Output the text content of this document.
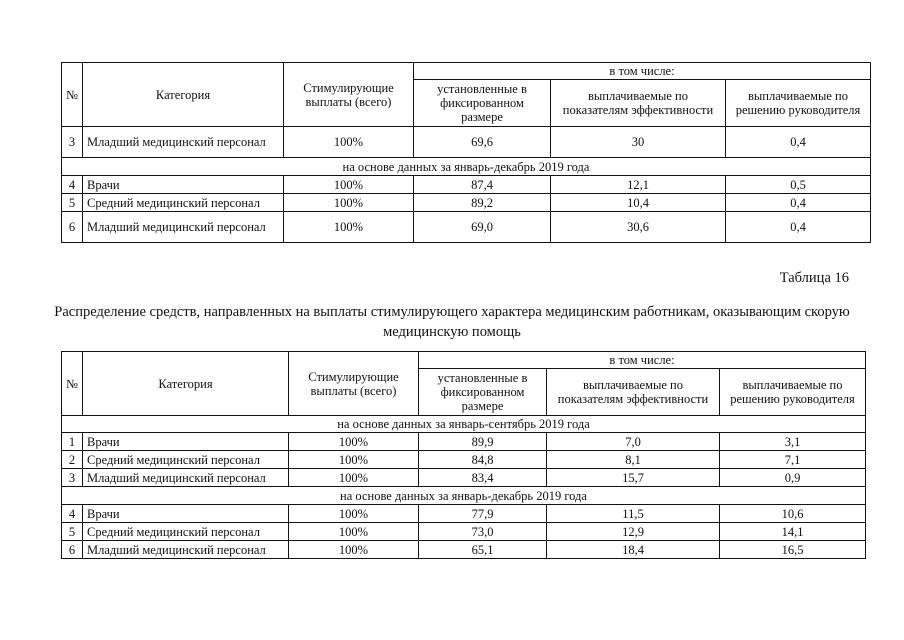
№	Категория	Стимулирующие выплаты (всего)	в том числе:		
			установленные в фиксированном размере	выплачиваемые по показателям эффективности	выплачиваемые по решению руководителя
3	Младший медицинский персонал	100%	69,6	30	0,4
на основе данных за январь-декабрь 2019 года					
4	Врачи	100%	87,4	12,1	0,5
5	Средний медицинский персонал	100%	89,2	10,4	0,4
6	Младший медицинский персонал	100%	69,0	30,6	0,4
Таблица 16
Распределение средств, направленных на выплаты стимулирующего характера медицинским работникам, оказывающим скорую медицинскую помощь
№	Категория	Стимулирующие выплаты (всего)	в том числе:		
			установленные в фиксированном размере	выплачиваемые по показателям эффективности	выплачиваемые по решению руководителя
на основе данных за январь-сентябрь 2019 года					
1	Врачи	100%	89,9	7,0	3,1
2	Средний медицинский персонал	100%	84,8	8,1	7,1
3	Младший медицинский персонал	100%	83,4	15,7	0,9
на основе данных за январь-декабрь 2019 года					
4	Врачи	100%	77,9	11,5	10,6
5	Средний медицинский персонал	100%	73,0	12,9	14,1
6	Младший медицинский персонал	100%	65,1	18,4	16,5
